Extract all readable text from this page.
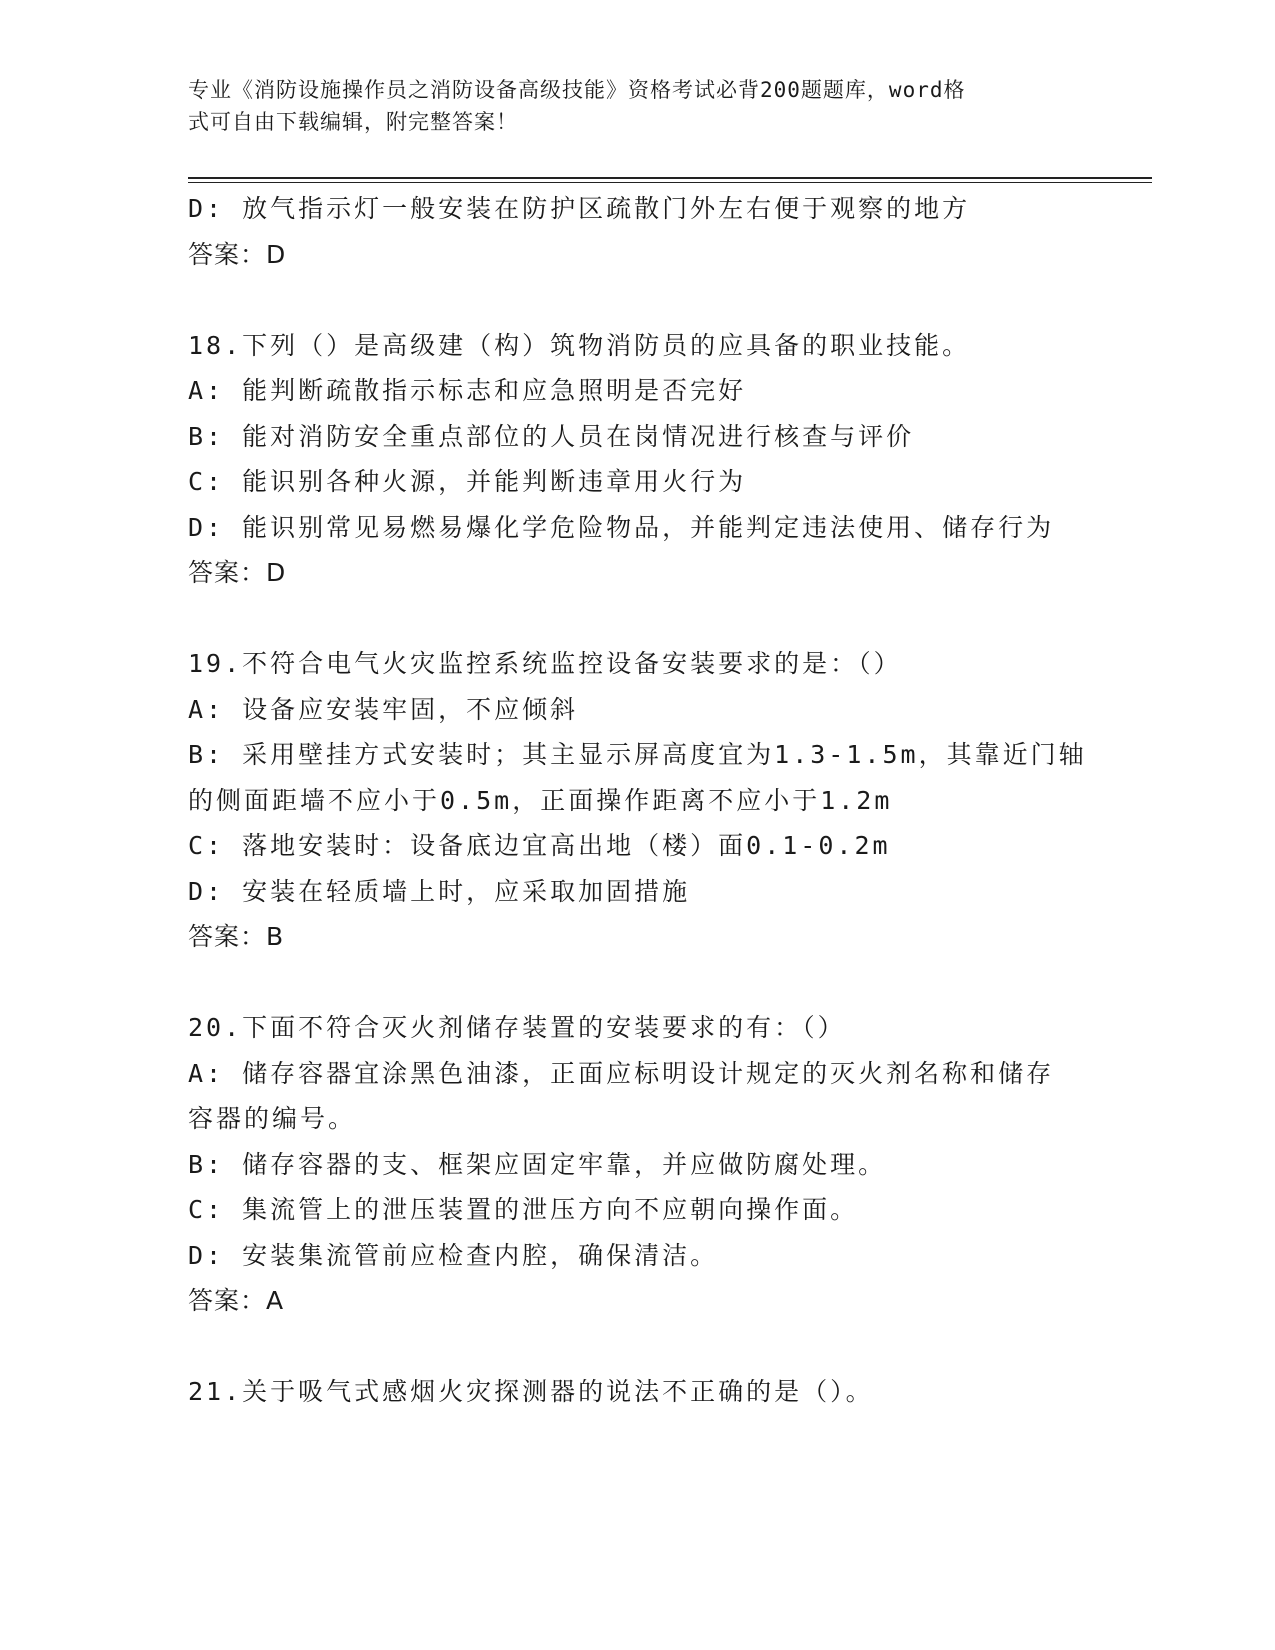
专业《消防设施操作员之消防设备高级技能》资格考试必背200题题库，word格
式可自由下载编辑，附完整答案！
D: 放气指示灯一般安装在防护区疏散门外左右便于观察的地方
答案：D
18.下列（）是高级建（构）筑物消防员的应具备的职业技能。
A: 能判断疏散指示标志和应急照明是否完好
B: 能对消防安全重点部位的人员在岗情况进行核查与评价
C: 能识别各种火源，并能判断违章用火行为
D: 能识别常见易燃易爆化学危险物品，并能判定违法使用、储存行为
答案：D
19.不符合电气火灾监控系统监控设备安装要求的是：（）
A: 设备应安装牢固，不应倾斜
B: 采用壁挂方式安装时；其主显示屏高度宜为1.3-1.5m，其靠近门轴
的侧面距墙不应小于0.5m，正面操作距离不应小于1.2m
C: 落地安装时：设备底边宜高出地（楼）面0.1-0.2m
D: 安装在轻质墙上时，应采取加固措施
答案：B
20.下面不符合灭火剂储存装置的安装要求的有：（）
A: 储存容器宜涂黑色油漆，正面应标明设计规定的灭火剂名称和储存
容器的编号。
B: 储存容器的支、框架应固定牢靠，并应做防腐处理。
C: 集流管上的泄压装置的泄压方向不应朝向操作面。
D: 安装集流管前应检查内腔，确保清洁。
答案：A
21.关于吸气式感烟火灾探测器的说法不正确的是（）。
